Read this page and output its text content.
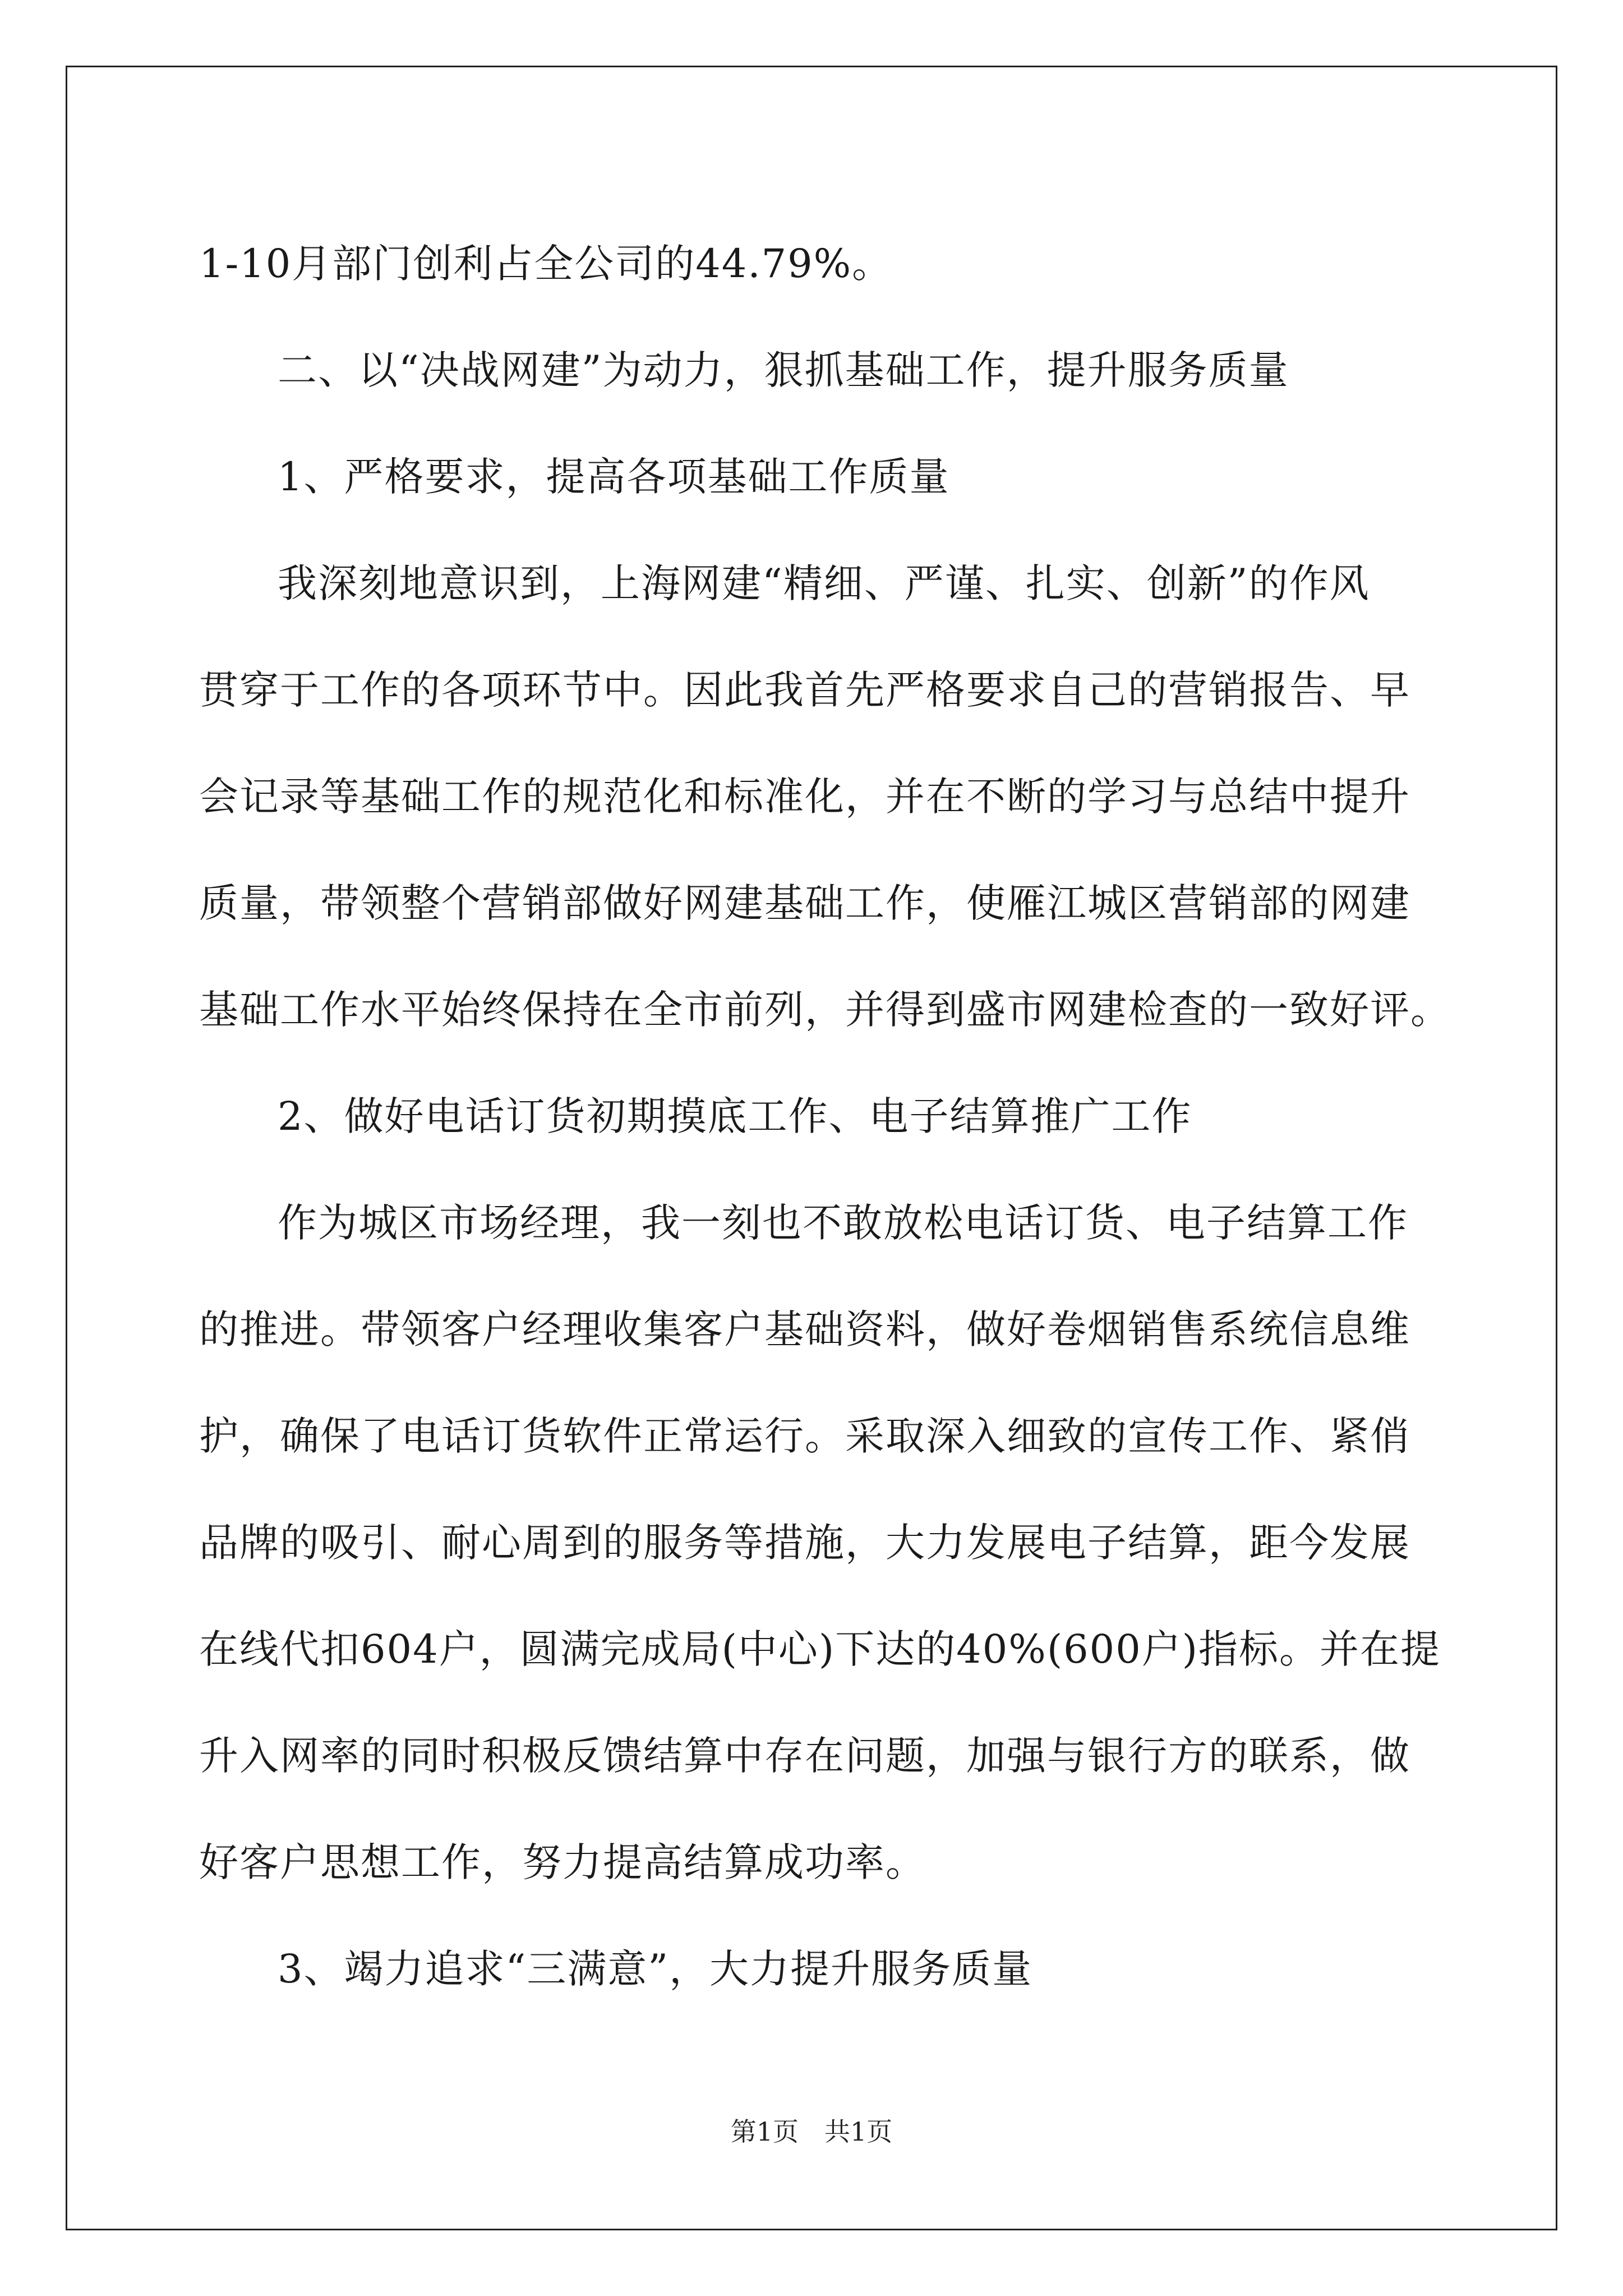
1-10月部门创利占全公司的44.79%。
二、以“决战网建”为动力，狠抓基础工作，提升服务质量
1、严格要求，提高各项基础工作质量
我深刻地意识到，上海网建“精细、严谨、扎实、创新”的作风
贯穿于工作的各项环节中。因此我首先严格要求自己的营销报告、早
会记录等基础工作的规范化和标准化，并在不断的学习与总结中提升
质量，带领整个营销部做好网建基础工作，使雁江城区营销部的网建
基础工作水平始终保持在全市前列，并得到盛市网建检查的一致好评。
2、做好电话订货初期摸底工作、电子结算推广工作
作为城区市场经理，我一刻也不敢放松电话订货、电子结算工作
的推进。带领客户经理收集客户基础资料，做好卷烟销售系统信息维
护，确保了电话订货软件正常运行。采取深入细致的宣传工作、紧俏
品牌的吸引、耐心周到的服务等措施，大力发展电子结算，距今发展
在线代扣604户，圆满完成局(中心)下达的40%(600户)指标。并在提
升入网率的同时积极反馈结算中存在问题，加强与银行方的联系，做
好客户思想工作，努力提高结算成功率。
3、竭力追求“三满意”，大力提升服务质量
第1页　共1页
